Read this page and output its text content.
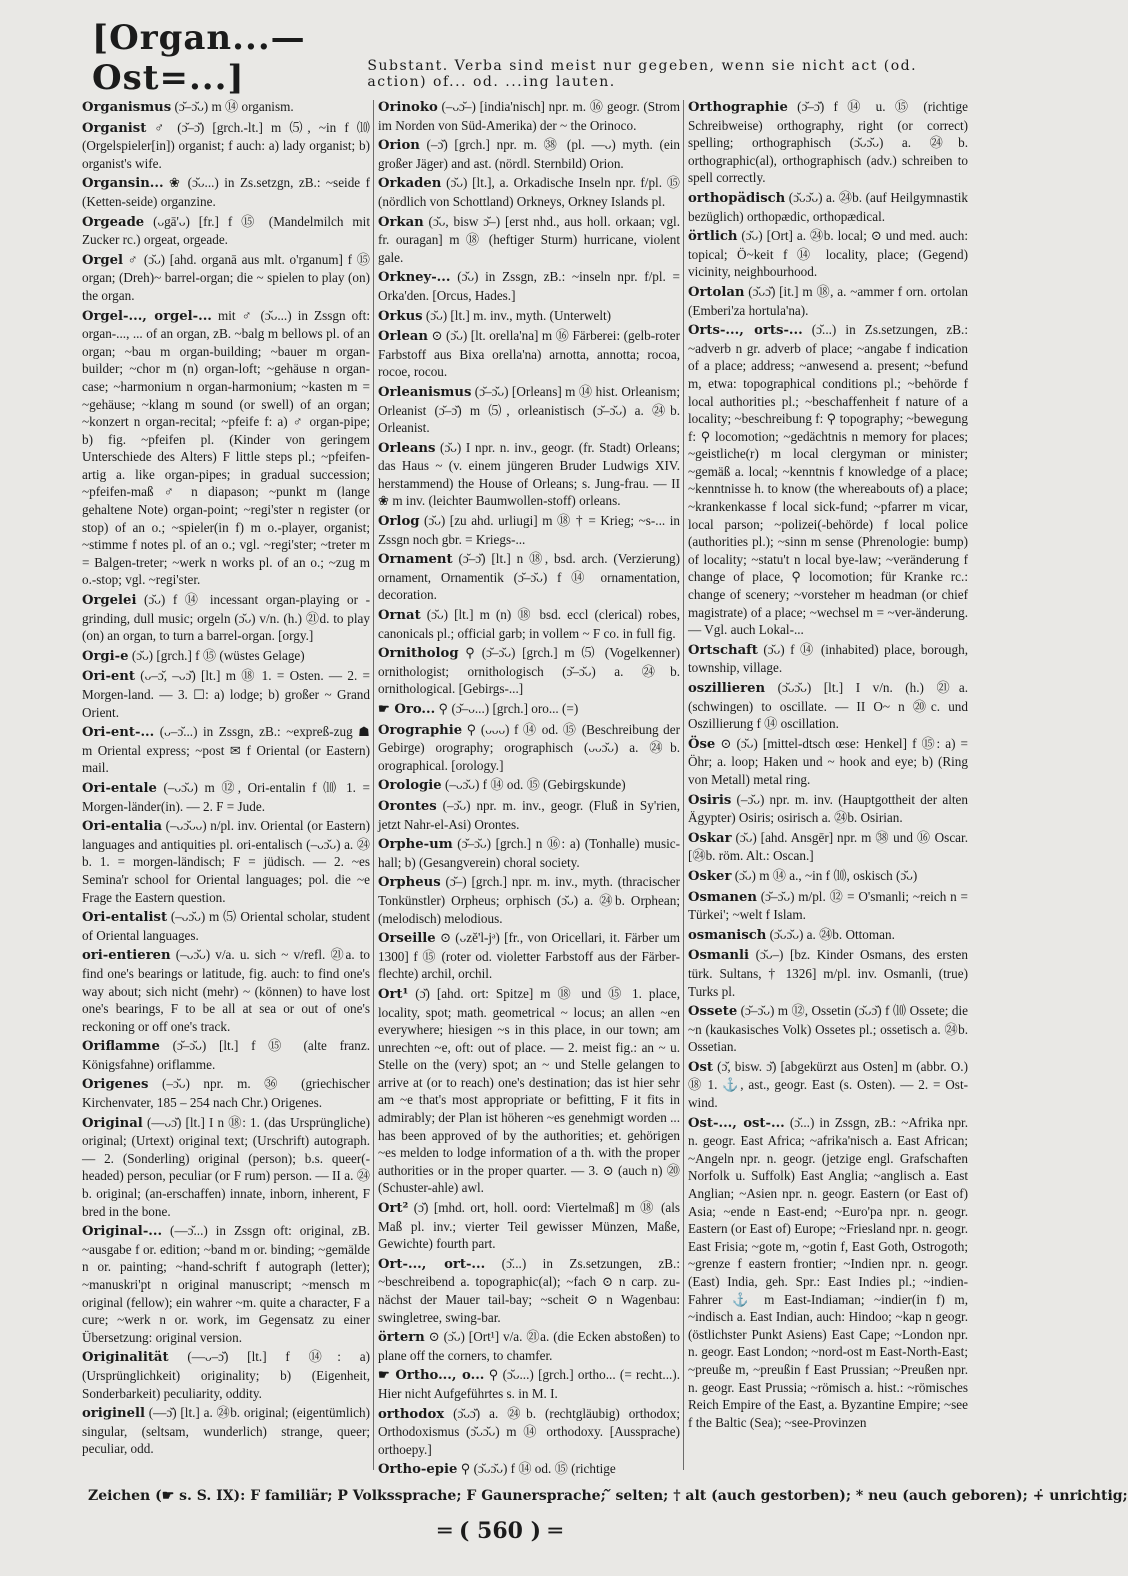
[Organ...—Ost=...]	Substant. Verba sind meist nur gegeben, wenn sie nicht act (od. action) of... od. ...ing lauten.
Organismus (ɔ̆–ɔ̆ᴗ) m ⑭ organism.
Organist ♂ (ɔ̆–ɔ̆) [grch.-lt.] m ⑸, ~in f ⑽ (Orgelspieler[in]) organist; f auch: a) lady organist; b) organist's wife.
Organsin... ❀ (ɔ̆ᴗ...) in Zs.setzgn, zB.: ~seide f (Ketten-seide) organzine.
Orgeade (ᴗgā'ᴗ) [fr.] f ⑮ (Mandelmilch mit Zucker rc.) orgeat, orgeade.
Orgel ♂ (ɔ̆ᴗ) [ahd. organā aus mlt. o'rganum] f ⑮ organ; (Dreh)~ barrel-organ; die ~ spielen to play (on) the organ.
Orgel-..., orgel-... mit ♂ (ɔ̆ᴗ...) in Zssgn oft: organ-..., ... of an organ, zB. ~balg m bellows pl. of an organ; ~bau m organ-building; ~bauer m organ-builder; ~chor m (n) organ-loft; ~gehäuse n organ-case; ~harmonium n organ-harmonium; ~kasten m = ~gehäuse; ~klang m sound (or swell) of an organ; ~konzert n organ-recital; ~pfeife f: a) ♂ organ-pipe; b) fig. ~pfeifen pl. (Kinder von geringem Unterschiede des Alters) F little steps pl.; ~pfeifen-artig a. like organ-pipes; in gradual succession; ~pfeifen-maß ♂ n diapason; ~punkt m (lange gehaltene Note) organ-point; ~regi'ster n register (or stop) of an o.; ~spieler(in f) m o.-player, organist; ~stimme f notes pl. of an o.; vgl. ~regi'ster; ~treter m = Balgen-treter; ~werk n works pl. of an o.; ~zug m o.-stop; vgl. ~regi'ster.
Orgelei (ɔ̆ᴗ) f ⑭ incessant organ-playing or -grinding, dull music; orgeln (ɔ̆ᴗ) v/n. (h.) ㉑d. to play (on) an organ, to turn a barrel-organ. [orgy.]
Orgi-e (ɔ̆ᴗ) [grch.] f ⑮ (wüstes Gelage)
Ori-ent (ᴗ–ɔ̆, –ᴗɔ̆) [lt.] m ⑱ 1. = Osten. — 2. = Morgen-land. — 3. ☐: a) lodge; b) großer ~ Grand Orient.
Ori-ent-... (ᴗ–ɔ̆...) in Zssgn, zB.: ~expreß-zug ☗ m Oriental express; ~post ✉ f Oriental (or Eastern) mail.
Ori-entale (–ᴗɔ̆ᴗ) m ⑫, Ori-entalin f ⑽ 1. = Morgen-länder(in). — 2. F = Jude.
Ori-entalia (–ᴗɔ̆ᴗᴗ) n/pl. inv. Oriental (or Eastern) languages and antiquities pl. ori-entalisch (–ᴗɔ̆ᴗ) a. ㉔b. 1. = morgen-ländisch; F = jüdisch. — 2. ~es Semina'r school for Oriental languages; pol. die ~e Frage the Eastern question.
Ori-entalist (–ᴗɔ̆ᴗ) m ⑸ Oriental scholar, student of Oriental languages.
ori-entieren (–ᴗɔ̆ᴗ) v/a. u. sich ~ v/refl. ㉑a. to find one's bearings or latitude, fig. auch: to find one's way about; sich nicht (mehr) ~ (können) to have lost one's bearings, F to be all at sea or out of one's reckoning or off one's track.
Oriflamme (ɔ̆–ɔ̆ᴗ) [lt.] f ⑮ (alte franz. Königsfahne) oriflamme.
Origenes (–ɔ̆ᴗ) npr. m. ㊱ (griechischer Kirchenvater, 185 – 254 nach Chr.) Origenes.
Original (––ᴗɔ̆) [lt.] I n ⑱: 1. (das Ursprüngliche) original; (Urtext) original text; (Urschrift) autograph. — 2. (Sonderling) original (person); b.s. queer(-headed) person, peculiar (or F rum) person. — II a. ㉔b. original; (an-erschaffen) innate, inborn, inherent, F bred in the bone.
Original-... (––ɔ̆...) in Zssgn oft: original, zB. ~ausgabe f or. edition; ~band m or. binding; ~gemälde n or. painting; ~hand-schrift f autograph (letter); ~manuskri'pt n original manuscript; ~mensch m original (fellow); ein wahrer ~m. quite a character, F a cure; ~werk n or. work, im Gegensatz zu einer Übersetzung: original version.
Originalität (––ᴗ–ɔ̆) [lt.] f ⑭: a) (Ursprünglichkeit) originality; b) (Eigenheit, Sonderbarkeit) peculiarity, oddity.
originell (––ɔ̆) [lt.] a. ㉔b. original; (eigentümlich) singular, (seltsam, wunderlich) strange, queer; peculiar, odd.
Orinoko (–ᴗɔ̆–) [india'nisch] npr. m. ⑯ geogr. (Strom im Norden von Süd-Amerika) der ~ the Orinoco.
Orion (–ɔ̆) [grch.] npr. m. ㊳ (pl. ––ᴗ) myth. (ein großer Jäger) and ast. (nördl. Sternbild) Orion.
Orkaden (ɔ̆ᴗ) [lt.], a. Orkadische Inseln npr. f/pl. ⑮ (nördlich von Schottland) Orkneys, Orkney Islands pl.
Orkan (ɔ̆ᴗ, bisw ɔ̆–) [erst nhd., aus holl. orkaan; vgl. fr. ouragan] m ⑱ (heftiger Sturm) hurricane, violent gale.
Orkney-... (ɔ̆ᴗ) in Zssgn, zB.: ~inseln npr. f/pl. = Orka'den. [Orcus, Hades.]
Orkus (ɔ̆ᴗ) [lt.] m. inv., myth. (Unterwelt)
Orlean ⊙ (ɔ̆ᴗ) [lt. orella'na] m ⑯ Färberei: (gelb-roter Farbstoff aus Bixa orella'na) arnotta, annotta; rocoa, rocoe, rocou.
Orleanismus (ɔ̆–ɔ̆ᴗ) [Orleans] m ⑭ hist. Orleanism; Orleanist (ɔ̆–ɔ̆) m ⑸, orleanistisch (ɔ̆–ɔ̆ᴗ) a. ㉔b. Orleanist.
Orleans (ɔ̆ᴗ) I npr. n. inv., geogr. (fr. Stadt) Orleans; das Haus ~ (v. einem jüngeren Bruder Ludwigs XIV. herstammend) the House of Orleans; s. Jung-frau. — II ❀ m inv. (leichter Baumwollen-stoff) orleans.
Orlog (ɔ̆ᴗ) [zu ahd. urliugi] m ⑱ † = Krieg; ~s-... in Zssgn noch gbr. = Kriegs-...
Ornament (ɔ̆–ɔ̆) [lt.] n ⑱, bsd. arch. (Verzierung) ornament, Ornamentik (ɔ̆–ɔ̆ᴗ) f ⑭ ornamentation, decoration.
Ornat (ɔ̆ᴗ) [lt.] m (n) ⑱ bsd. eccl (clerical) robes, canonicals pl.; official garb; in vollem ~ F co. in full fig.
Ornitholog ⚲ (ɔ̆–ɔ̆ᴗ) [grch.] m ⑸ (Vogelkenner) ornithologist; ornithologisch (ɔ̆–ɔ̆ᴗ) a. ㉔b. ornithological. [Gebirgs-...]
☛ Oro... ⚲ (ɔ̆–ᴗ...) [grch.] oro... (=)
Orographie ⚲ (ᴗᴗᴗ) f ⑭ od. ⑮ (Beschreibung der Gebirge) orography; orographisch (ᴗᴗɔ̆ᴗ) a. ㉔b. orographical. [orology.]
Orologie (–ᴗɔ̆ᴗ) f ⑭ od. ⑮ (Gebirgskunde)
Orontes (–ɔ̆ᴗ) npr. m. inv., geogr. (Fluß in Sy'rien, jetzt Nahr-el-Asi) Orontes.
Orphe-um (ɔ̆–ɔ̆ᴗ) [grch.] n ⑯: a) (Tonhalle) music-hall; b) (Gesangverein) choral society.
Orpheus (ɔ̆–) [grch.] npr. m. inv., myth. (thracischer Tonkünstler) Orpheus; orphisch (ɔ̆ᴗ) a. ㉔b. Orphean; (melodisch) melodious.
Orseille ⊙ (ᴗzĕ'l-jᵊ) [fr., von Oricellari, it. Färber um 1300] f ⑮ (roter od. violetter Farbstoff aus der Färber-flechte) archil, orchil.
Ort¹ (ɔ̆) [ahd. ort: Spitze] m ⑱ und ⑮ 1. place, locality, spot; math. geometrical ~ locus; an allen ~en everywhere; hiesigen ~s in this place, in our town; am unrechten ~e, oft: out of place. — 2. meist fig.: an ~ u. Stelle on the (very) spot; an ~ und Stelle gelangen to arrive at (or to reach) one's destination; das ist hier sehr am ~e that's most appropriate or befitting, F it fits in admirably; der Plan ist höheren ~es genehmigt worden ... has been approved of by the authorities; et. gehörigen ~es melden to lodge information of a th. with the proper authorities or in the proper quarter. — 3. ⊙ (auch n) ⑳ (Schuster-ahle) awl.
Ort² (ɔ̆) [mhd. ort, holl. oord: Viertelmaß] m ⑱ (als Maß pl. inv.; vierter Teil gewisser Münzen, Maße, Gewichte) fourth part.
Ort-..., ort-... (ɔ̆...) in Zs.setzungen, zB.: ~beschreibend a. topographic(al); ~fach ⊙ n carp. zu-nächst der Mauer tail-bay; ~scheit ⊙ n Wagenbau: swingletree, swing-bar.
örtern ⊙ (ɔ̆ᴗ) [Ort¹] v/a. ㉑a. (die Ecken abstoßen) to plane off the corners, to chamfer.
☛ Ortho..., o... ⚲ (ɔ̆ᴗ...) [grch.] ortho... (= recht...). Hier nicht Aufgeführtes s. in M. I.
orthodox (ɔ̆ᴗɔ̆) a. ㉔b. (rechtgläubig) orthodox; Orthodoxismus (ɔ̆ᴗɔ̆ᴗ) m ⑭ orthodoxy. [Aussprache) orthoepy.]
Ortho-epie ⚲ (ɔ̆ᴗɔ̆ᴗ) f ⑭ od. ⑮ (richtige
Orthographie (ɔ̆–ɔ̆) f ⑭ u. ⑮ (richtige Schreibweise) orthography, right (or correct) spelling; orthographisch (ɔ̆ᴗɔ̆ᴗ) a. ㉔b. orthographic(al), orthographisch (adv.) schreiben to spell correctly.
orthopädisch (ɔ̆ᴗɔ̆ᴗ) a. ㉔b. (auf Heilgymnastik bezüglich) orthopædic, orthopædical.
örtlich (ɔ̆ᴗ) [Ort] a. ㉔b. local; ⊙ und med. auch: topical; Ö~keit f ⑭ locality, place; (Gegend) vicinity, neighbourhood.
Ortolan (ɔ̆ᴗɔ̆) [it.] m ⑱, a. ~ammer f orn. ortolan (Emberi'za hortula'na).
Orts-..., orts-... (ɔ̆...) in Zs.setzungen, zB.: ~adverb n gr. adverb of place; ~angabe f indication of a place; address; ~anwesend a. present; ~befund m, etwa: topographical conditions pl.; ~behörde f local authorities pl.; ~beschaffenheit f nature of a locality; ~beschreibung f: ⚲ topography; ~bewegung f: ⚲ locomotion; ~gedächtnis n memory for places; ~geistliche(r) m local clergyman or minister; ~gemäß a. local; ~kenntnis f knowledge of a place; ~kenntnisse h. to know (the whereabouts of) a place; ~krankenkasse f local sick-fund; ~pfarrer m vicar, local parson; ~polizei(-behörde) f local police (authorities pl.); ~sinn m sense (Phrenologie: bump) of locality; ~statu't n local bye-law; ~veränderung f change of place, ⚲ locomotion; für Kranke rc.: change of scenery; ~vorsteher m headman (or chief magistrate) of a place; ~wechsel m = ~ver-änderung. — Vgl. auch Lokal-...
Ortschaft (ɔ̆ᴗ) f ⑭ (inhabited) place, borough, township, village.
oszillieren (ɔ̆ᴗɔ̆ᴗ) [lt.] I v/n. (h.) ㉑a. (schwingen) to oscillate. — II O~ n ⑳c. und Oszillierung f ⑭ oscillation.
Öse ⊙ (ɔ̆ᴗ) [mittel-dtsch œse: Henkel] f ⑮: a) = Öhr; a. loop; Haken und ~ hook and eye; b) (Ring von Metall) metal ring.
Osiris (–ɔ̆ᴗ) npr. m. inv. (Hauptgottheit der alten Ägypter) Osiris; osirisch a. ㉔b. Osirian.
Oskar (ɔ̆ᴗ) [ahd. Ansgēr] npr. m ㊳ und ⑯ Oscar. [㉔b. röm. Alt.: Oscan.]
Osker (ɔ̆ᴗ) m ⑭ a., ~in f ⑽, oskisch (ɔ̆ᴗ)
Osmanen (ɔ̆–ɔ̆ᴗ) m/pl. ⑫ = O'smanli; ~reich n = Türkei'; ~welt f Islam.
osmanisch (ɔ̆ᴗɔ̆ᴗ) a. ㉔b. Ottoman.
Osmanli (ɔ̆ᴗ–) [bz. Kinder Osmans, des ersten türk. Sultans, † 1326] m/pl. inv. Osmanli, (true) Turks pl.
Ossete (ɔ̆–ɔ̆ᴗ) m ⑫, Ossetin (ɔ̆ᴗɔ̆) f ⑽ Ossete; die ~n (kaukasisches Volk) Ossetes pl.; ossetisch a. ㉔b. Ossetian.
Ost (ɔ̆, bisw. ɔ̆) [abgekürzt aus Osten] m (abbr. O.) ⑱ 1. ⚓, ast., geogr. East (s. Osten). — 2. = Ost-wind.
Ost-..., ost-... (ɔ̆...) in Zssgn, zB.: ~Afrika npr. n. geogr. East Africa; ~afrika'nisch a. East African; ~Angeln npr. n. geogr. (jetzige engl. Grafschaften Norfolk u. Suffolk) East Anglia; ~anglisch a. East Anglian; ~Asien npr. n. geogr. Eastern (or East of) Asia; ~ende n East-end; ~Euro'pa npr. n. geogr. Eastern (or East of) Europe; ~Friesland npr. n. geogr. East Frisia; ~gote m, ~gotin f, East Goth, Ostrogoth; ~grenze f eastern frontier; ~Indien npr. n. geogr. (East) India, geh. Spr.: East Indies pl.; ~indien-Fahrer ⚓ m East-Indiaman; ~indier(in f) m, ~indisch a. East Indian, auch: Hindoo; ~kap n geogr. (östlichster Punkt Asiens) East Cape; ~London npr. n. geogr. East London; ~nord-ost m East-North-East; ~preuße m, ~preußin f East Prussian; ~Preußen npr. n. geogr. East Prussia; ~römisch a. hist.: ~römisches Reich Empire of the East, a. Byzantine Empire; ~see f the Baltic (Sea); ~see-Provinzen
Zeichen (☛ s. S. IX): F familiär; P Volkssprache; F Gaunersprache; ᷉ selten; † alt (auch gestorben); * neu (auch geboren); +̇ unrichtig;
═ ( 560 ) ═
